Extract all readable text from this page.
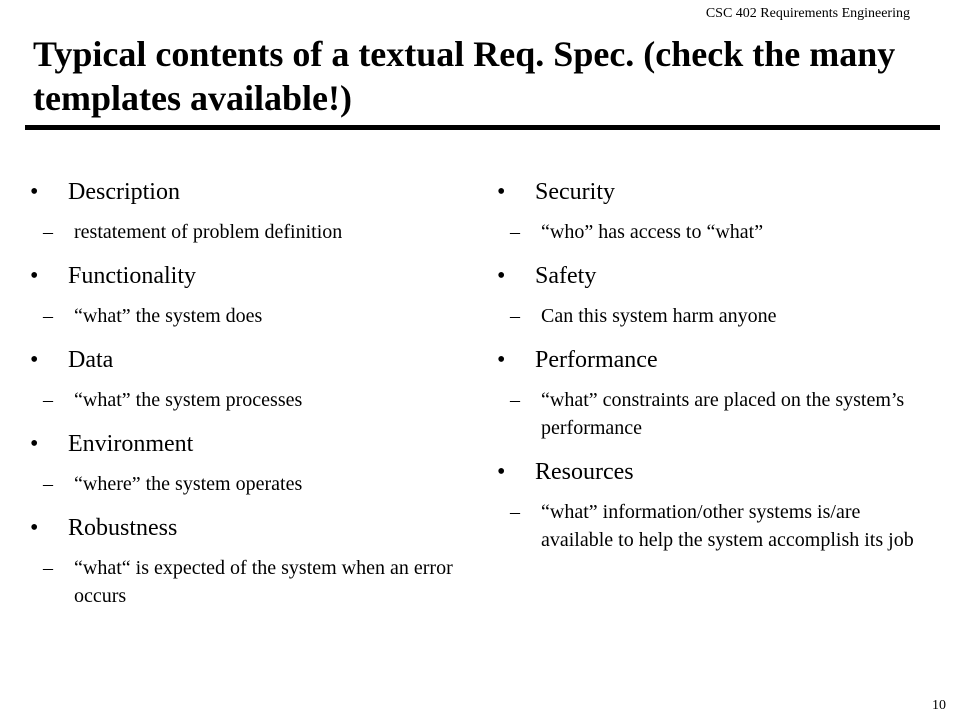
CSC 402 Requirements Engineering
Typical contents of a textual Req. Spec. (check the many templates available!)
•	Description
–	restatement of problem definition
•	Functionality
–	“what” the system does
•	Data
–	“what” the system processes
•	Environment
–	“where” the system operates
•	Robustness
–	“what“ is expected of the system when an error occurs
•	Security
–	“who” has access to “what”
•	Safety
–	Can this system harm anyone
•	Performance
–	“what” constraints are placed on the system’s performance
•	Resources
–	“what” information/other systems is/are available to help the system accomplish its job
10
